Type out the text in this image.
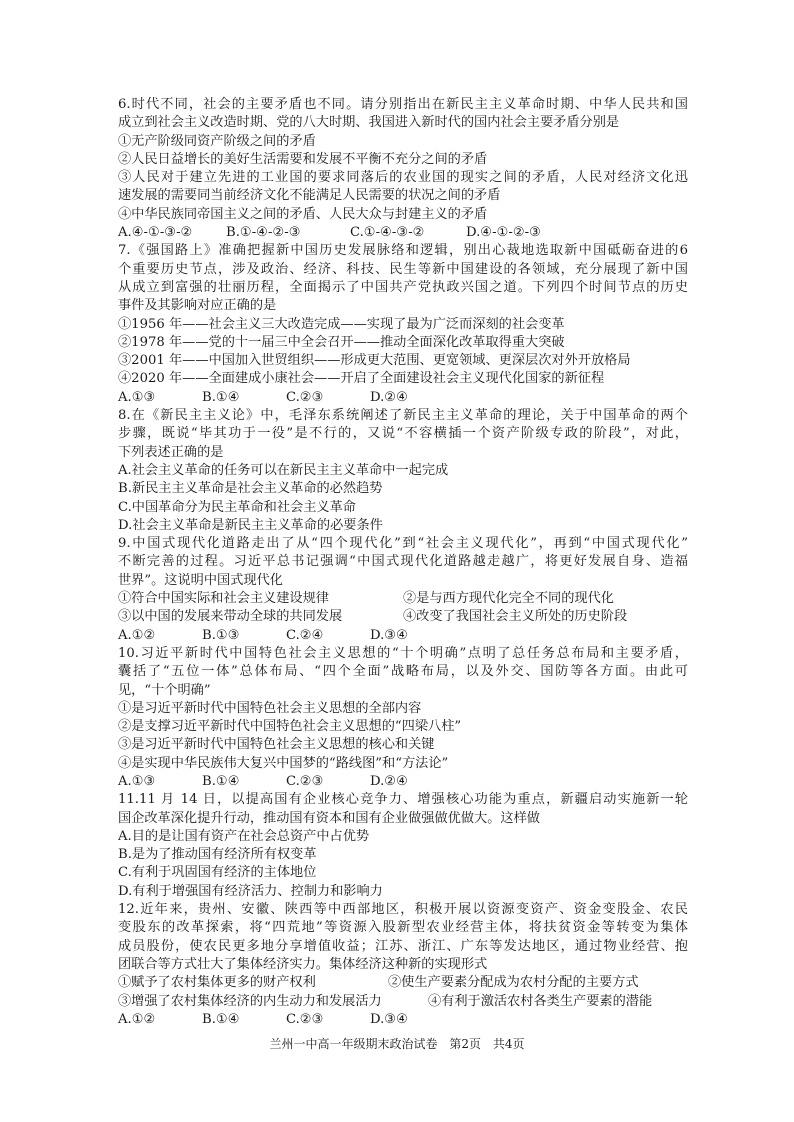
6.时代不同，社会的主要矛盾也不同。请分别指出在新民主主义革命时期、中华人民共和国
成立到社会主义改造时期、党的八大时期、我国进入新时代的国内社会主要矛盾分别是
①无产阶级同资产阶级之间的矛盾
②人民日益增长的美好生活需要和发展不平衡不充分之间的矛盾
③人民对于建立先进的工业国的要求同落后的农业国的现实之间的矛盾，人民对经济文化迅
速发展的需要同当前经济文化不能满足人民需要的状况之间的矛盾
④中华民族同帝国主义之间的矛盾、人民大众与封建主义的矛盾
A.④-①-③-②	B.①-④-②-③	C.①-④-③-②	D.④-①-②-③
7.《强国路上》准确把握新中国历史发展脉络和逻辑，别出心裁地选取新中国砥砺奋进的6
个重要历史节点，涉及政治、经济、科技、民生等新中国建设的各领域，充分展现了新中国
从成立到富强的壮丽历程，全面揭示了中国共产党执政兴国之道。下列四个时间节点的历史
事件及其影响对应正确的是
①1956 年——社会主义三大改造完成——实现了最为广泛而深刻的社会变革
②1978 年——党的十一届三中全会召开——推动全面深化改革取得重大突破
③2001 年——中国加入世贸组织——形成更大范围、更宽领域、更深层次对外开放格局
④2020 年——全面建成小康社会——开启了全面建设社会主义现代化国家的新征程
A.①③	B.①④	C.②③	D.②④
8.在《新民主主义论》中，毛泽东系统阐述了新民主主义革命的理论，关于中国革命的两个
步骤，既说“毕其功于一役”是不行的，又说“不容横插一个资产阶级专政的阶段”，对此，
下列表述正确的是
A.社会主义革命的任务可以在新民主主义革命中一起完成
B.新民主主义革命是社会主义革命的必然趋势
C.中国革命分为民主革命和社会主义革命
D.社会主义革命是新民主主义革命的必要条件
9.中国式现代化道路走出了从“四个现代化”到“社会主义现代化”，再到“中国式现代化”
不断完善的过程。习近平总书记强调“中国式现代化道路越走越广，将更好发展自身、造福
世界”。这说明中国式现代化
①符合中国实际和社会主义建设规律	②是与西方现代化完全不同的现代化
③以中国的发展来带动全球的共同发展	④改变了我国社会主义所处的历史阶段
A.①②	B.①③	C.②④	D.③④
10.习近平新时代中国特色社会主义思想的“十个明确”点明了总任务总布局和主要矛盾，
囊括了“五位一体”总体布局、“四个全面”战略布局，以及外交、国防等各方面。由此可
见，“十个明确”
①是习近平新时代中国特色社会主义思想的全部内容
②是支撑习近平新时代中国特色社会主义思想的“四梁八柱”
③是习近平新时代中国特色社会主义思想的核心和关键
④是实现中华民族伟大复兴中国梦的“路线图”和“方法论”
A.①③	B.①④	C.②③	D.②④
11.11 月 14 日，以提高国有企业核心竞争力、增强核心功能为重点，新疆启动实施新一轮
国企改革深化提升行动，推动国有资本和国有企业做强做优做大。这样做
A.目的是让国有资产在社会总资产中占优势
B.是为了推动国有经济所有权变革
C.有利于巩固国有经济的主体地位
D.有利于增强国有经济活力、控制力和影响力
12.近年来，贵州、安徽、陕西等中西部地区，积极开展以资源变资产、资金变股金、农民
变股东的改革探索，将“四荒地”等资源入股新型农业经营主体，将扶贫资金等转变为集体
成员股份，使农民更多地分享增值收益；江苏、浙江、广东等发达地区，通过物业经营、抱
团联合等方式壮大了集体经济实力。集体经济这种新的实现形式
①赋予了农村集体更多的财产权利	②使生产要素分配成为农村分配的主要方式
③增强了农村集体经济的内生动力和发展活力	④有利于激活农村各类生产要素的潜能
A.①②	B.①④	C.②③	D.③④
兰州一中高一年级期末政治试卷 第2页 共4页
